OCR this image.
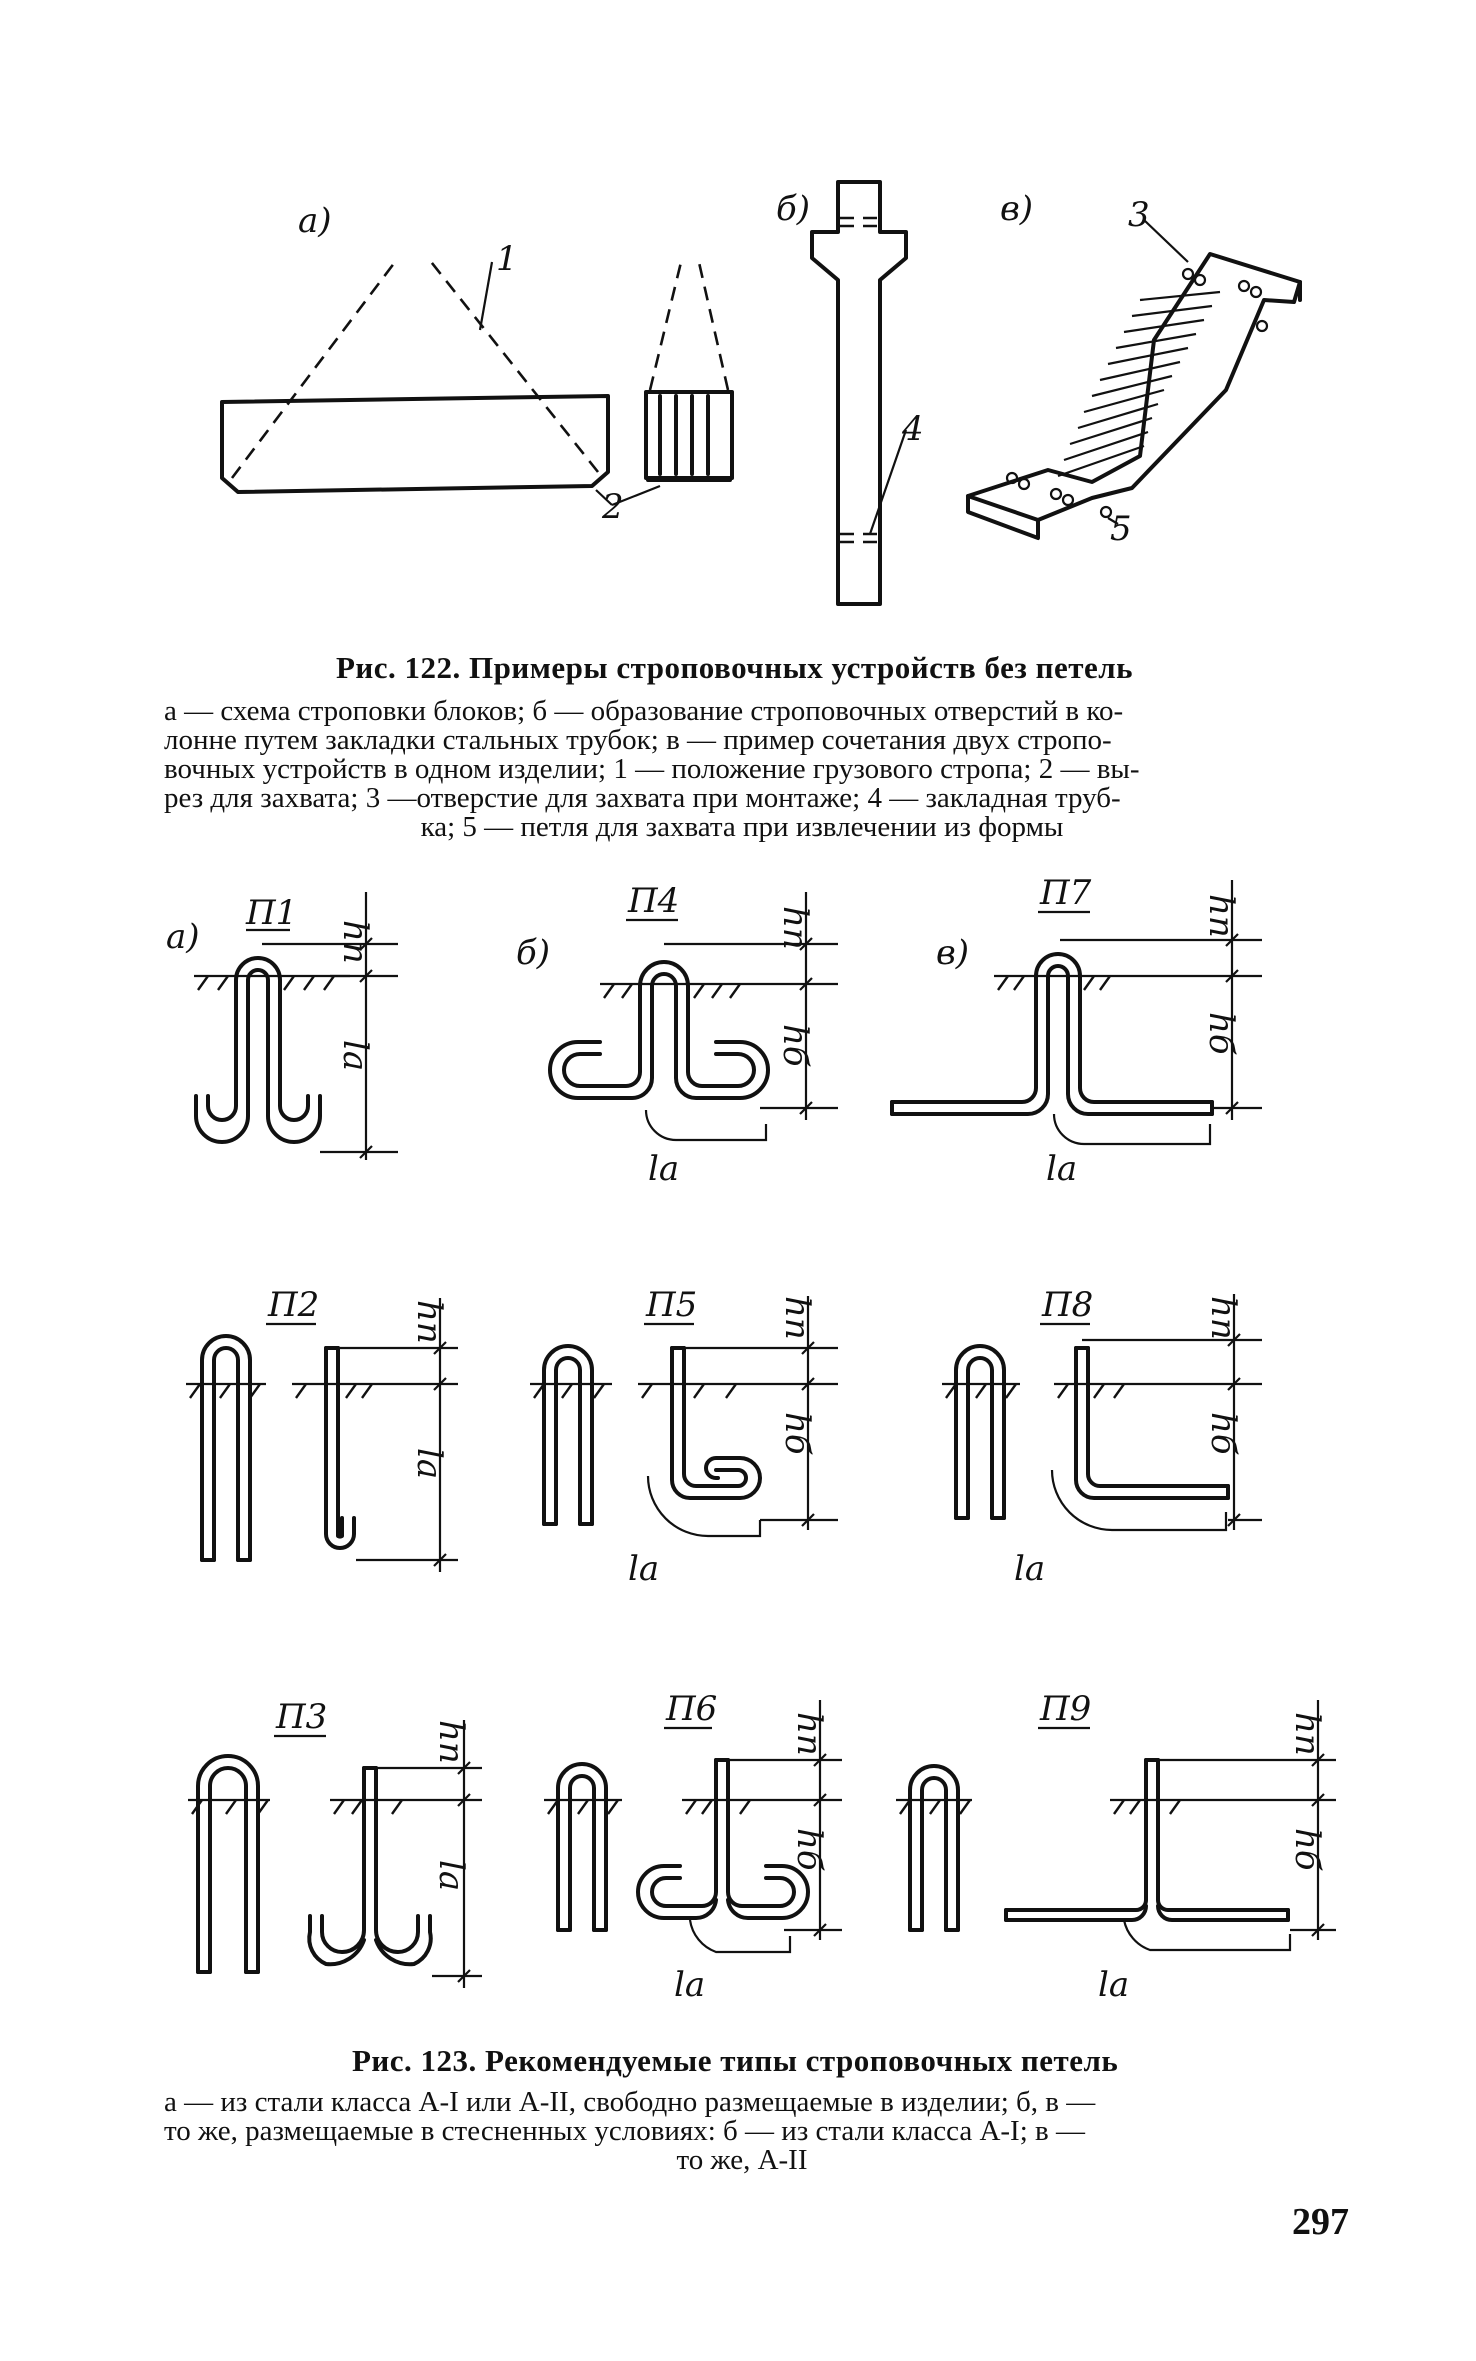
а)
1
2
б)
4
в)	3
5
Рис. 122. Примеры строповочных устройств без петель
а — схема строповки блоков; б — образование строповочных отверстий в ко-
лонне путем закладки стальных трубок; в — пример сочетания двух стропо-
вочных устройств в одном изделии; 1 — положение грузового стропа; 2 — вы-
рез для захвата; 3 —отверстие для захвата при монтаже; 4 — закладная труб-
ка; 5 — петля для захвата при извлечении из формы
а)
П1
hп
lа
б)
П4
hп
hб
lа
в)
П7
hп
hб
lа
П2	hп
lа
П5 hп
hб
lа
П8	hп
hб
lа
П3
hп
lа
П6
hп
hб
lа
П9
hп
hб
lа
Рис. 123. Рекомендуемые типы строповочных петель
а — из стали класса А-I или А-II, свободно размещаемые в изделии; б, в —
то же, размещаемые в стесненных условиях: б — из стали класса А-I; в —
то же, А-II
297
